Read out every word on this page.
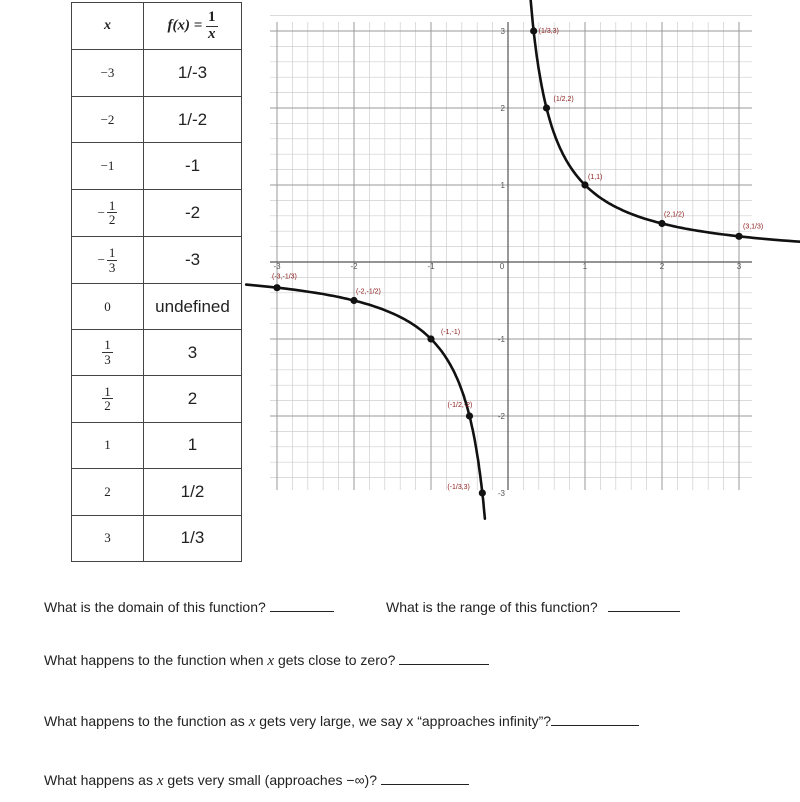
x	$f(x) = \frac{1}{x}$

−3	1/-3
−2	1/-2
−1	-1
− $\frac{1}{2}$	-2
− $\frac{1}{3}$	-3
0	undefined

$\frac{1}{3}$	3

$\frac{1}{2}$	2
1	1
2	1/2
3	1/3
-3	-2	-1	0	1	2	3
3
2
1
-1
-2
-3
(-3,-1/3)
(-2,-1/2)
(-1,-1)
(-1/2,-2)
(-1/3,3)
(1/3,3)
(1/2,2)
(1,1)
(2,1/2)
(3,1/3)
What is the domain of this function?	What is the range of this function?
What happens to the function when x gets close to zero?
What happens to the function as x gets very large, we say x “approaches infinity”?
What happens as x gets very small (approaches −∞)?
